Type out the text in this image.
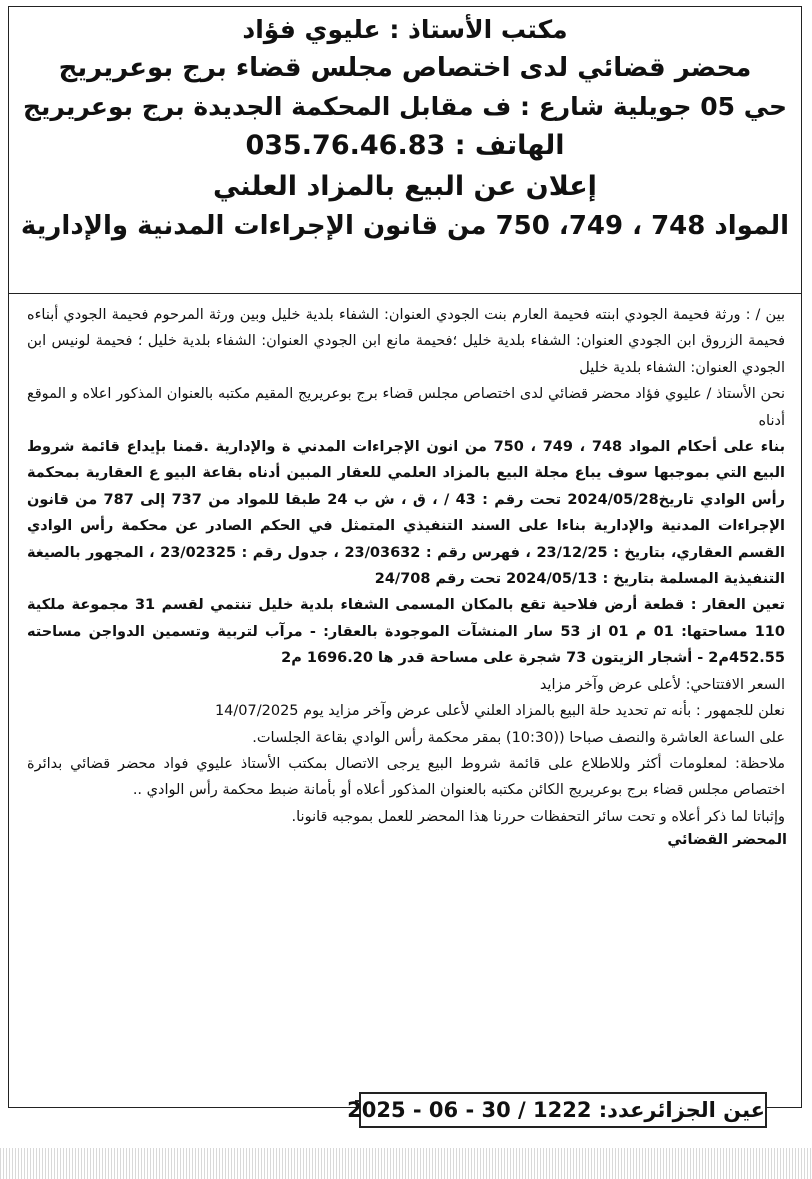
مكتب الأستاذ : عليوي فؤاد
محضر قضائي لدى اختصاص مجلس قضاء برج بوعريريج
حي 05 جويلية شارع : ف مقابل المحكمة الجديدة برج بوعريريج
الهاتف : 035.76.46.83
إعلان عن البيع بالمزاد العلني
المواد 748 ، 749، 750 من قانون الإجراءات المدنية والإدارية

بين / : ورثة فحيمة الجودي ابنته فحيمة العارم بنت الجودي العنوان: الشفاء بلدية خليل وبين ورثة المرحوم فحيمة الجودي أبناءه فحيمة الزروق ابن الجودي العنوان: الشفاء بلدية خليل ؛فحيمة مانع ابن الجودي العنوان: الشفاء بلدية خليل ؛ فحيمة لونيس ابن الجودي العنوان: الشفاء بلدية خليل

نحن الأستاذ / عليوي فؤاد محضر قضائي لدى اختصاص مجلس قضاء برج بوعريريج المقيم مكتبه بالعنوان المذكور اعلاه و الموقع أدناه

بناء على أحكام المواد 748 ، 749 ، 750 من انون الإجراءات المدني ة والإدارية .قمنا بإيداع قائمة شروط البيع التي بموجبها سوف يباع مجلة البيع بالمزاد العلمي للعقار المبين أدناه بقاعة البيو ع العقارية بمحكمة رأس الوادي تاريخ2024/05/28 تحت رقم : 43 / ، ق ، ش ب 24 طبقا للمواد من 737 إلى 787 من قانون الإجراءات المدنية والإدارية بناءا على السند التنفيذي المتمثل في الحكم الصادر عن محكمة رأس الوادي القسم العقاري، بتاريخ : 23/12/25 ، فهرس رقم : 23/03632 ، جدول رقم : 23/02325 ، المجهور بالصيغة التنفيذية المسلمة بتاريخ : 2024/05/13 تحت رقم 24/708

تعين العقار : قطعة أرض فلاحية تقع بالمكان المسمى الشفاء بلدية خليل تنتمي لقسم 31 مجموعة ملكية 110 مساحتها: 01 م 01 از 53 سار المنشآت الموجودة بالعقار: - مرآب لتربية وتسمين الدواجن مساحته 452.55م2 - أشجار الزيتون 73 شجرة على مساحة قدر ها 1696.20 م2

السعر الافتتاحي: لأعلى عرض وآخر مزايد

نعلن للجمهور : بأنه تم تحديد حلة البيع بالمزاد العلني لأعلى عرض وآخر مزايد يوم 14/07/2025

على الساعة العاشرة والنصف صباحا ((10:30) بمقر محكمة رأس الوادي بقاعة الجلسات.

ملاحظة: لمعلومات أكثر وللاطلاع على قائمة شروط البيع يرجى الاتصال بمكتب الأستاذ عليوي فواد محضر قضائي بدائرة اختصاص مجلس قضاء برج بوعريريج الكائن مكتبه بالعنوان المذكور أعلاه أو بأمانة ضبط محكمة رأس الوادي ..

وإثباتا لما ذكر أعلاه و تحت سائر التحفظات حررنا هذا المحضر للعمل بموجبه قانونا.

المحضر القضائي
عين الجزائرعدد: 1222 / 30 - 06 - 2025
